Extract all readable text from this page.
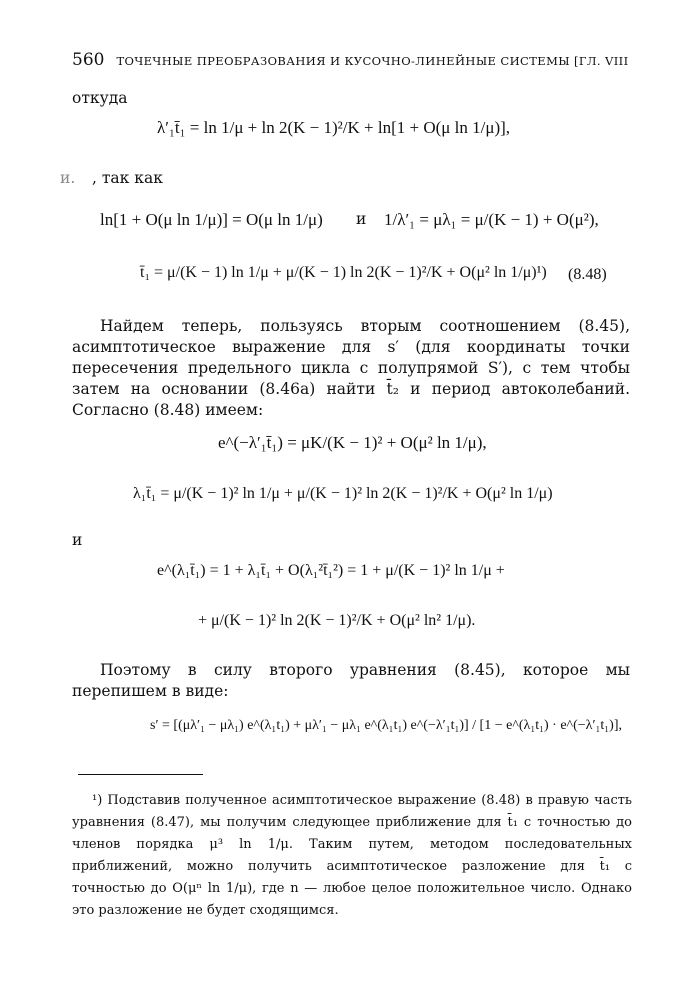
560 ТОЧЕЧНЫЕ ПРЕОБРАЗОВАНИЯ И КУСОЧНО-ЛИНЕЙНЫЕ СИСТЕМЫ [ГЛ. VIII
откуда
λ′₁t̄₁ = ln 1/μ + ln 2(K − 1)²/K + ln[1 + O(μ ln 1/μ)],
и. , так как
ln[1 + O(μ ln 1/μ)] = O(μ ln 1/μ) и 1/λ′₁ = μλ₁ = μ/(K − 1) + O(μ²),
t̄₁ = μ/(K − 1) ln 1/μ + μ/(K − 1) ln 2(K − 1)²/K + O(μ² ln 1/μ)¹) (8.48)
Найдем теперь, пользуясь вторым соотношением (8.45), асимптотическое выражение для s′ (для координаты точки пересечения предельного цикла с полупрямой S′), с тем чтобы затем на основании (8.46а) найти t̄₂ и период автоколебаний. Согласно (8.48) имеем:
e^(−λ′₁t̄₁) = μK/(K − 1)² + O(μ² ln 1/μ),
λ₁t̄₁ = μ/(K − 1)² ln 1/μ + μ/(K − 1)² ln 2(K − 1)²/K + O(μ² ln 1/μ)
и
e^(λ₁t̄₁) = 1 + λ₁t̄₁ + O(λ₁²t̄₁²) = 1 + μ/(K − 1)² ln 1/μ +
+ μ/(K − 1)² ln 2(K − 1)²/K + O(μ² ln² 1/μ).
Поэтому в силу второго уравнения (8.45), которое мы перепишем в виде:
s′ = [(μλ′₁ − μλ₁) e^(λ₁t₁) + μλ′₁ − μλ₁ e^(λ₁t₁) e^(−λ′₁t₁)] / [1 − e^(λ₁t₁) · e^(−λ′₁t₁)],
¹) Подставив полученное асимптотическое выражение (8.48) в правую часть уравнения (8.47), мы получим следующее приближение для t̄₁ с точностью до членов порядка μ³ ln 1/μ. Таким путем, методом последовательных приближений, можно получить асимптотическое разложение для t̄₁ с точностью до O(μⁿ ln 1/μ), где n — любое целое положительное число. Однако это разложение не будет сходящимся.
